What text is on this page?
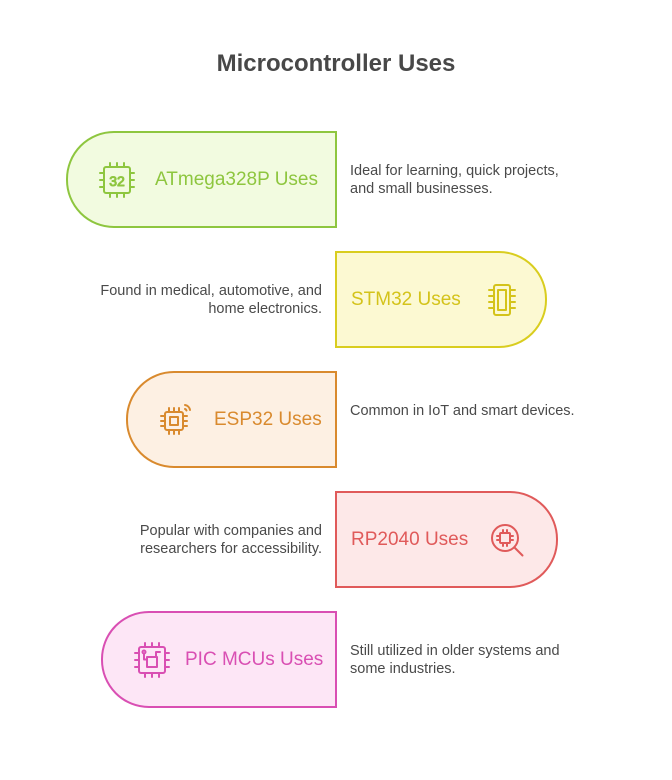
Microcontroller Uses
32 ATmega328P Uses Ideal for learning, quick projects, and small businesses.
Found in medical, automotive, and home electronics. STM32 Uses
ESP32 Uses Common in IoT and smart devices.
Popular with companies and researchers for accessibility. RP2040 Uses
PIC MCUs Uses Still utilized in older systems and some industries.
